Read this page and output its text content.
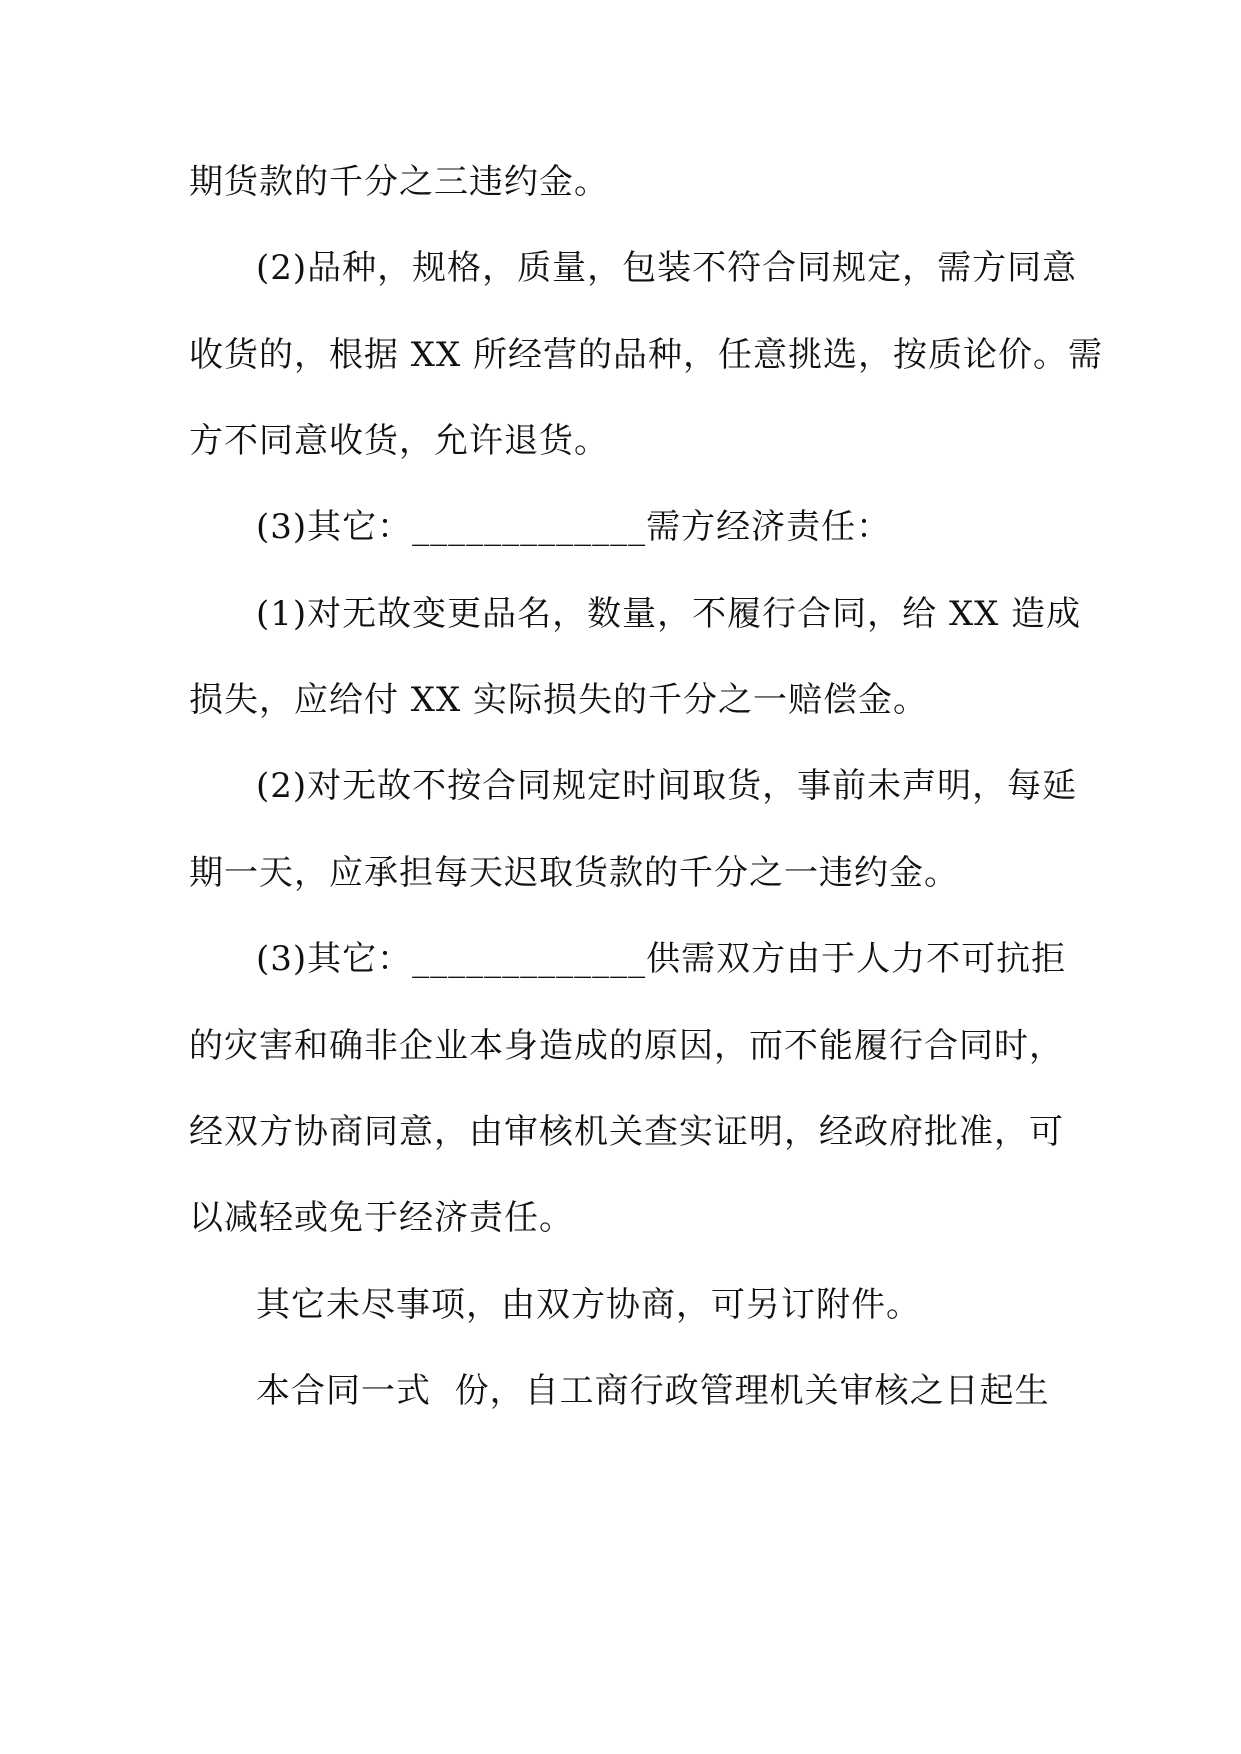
期货款的千分之三违约金。
(2)品种，规格，质量，包装不符合同规定，需方同意
收货的，根据 XX 所经营的品种，任意挑选，按质论价。需
方不同意收货，允许退货。
(3)其它：_____________需方经济责任：
(1)对无故变更品名，数量，不履行合同，给 XX 造成
损失，应给付 XX 实际损失的千分之一赔偿金。
(2)对无故不按合同规定时间取货，事前未声明，每延
期一天，应承担每天迟取货款的千分之一违约金。
(3)其它：_____________供需双方由于人力不可抗拒
的灾害和确非企业本身造成的原因，而不能履行合同时，
经双方协商同意，由审核机关查实证明，经政府批准，可
以减轻或免于经济责任。
其它未尽事项，由双方协商，可另订附件。
本合同一式  份，自工商行政管理机关审核之日起生
